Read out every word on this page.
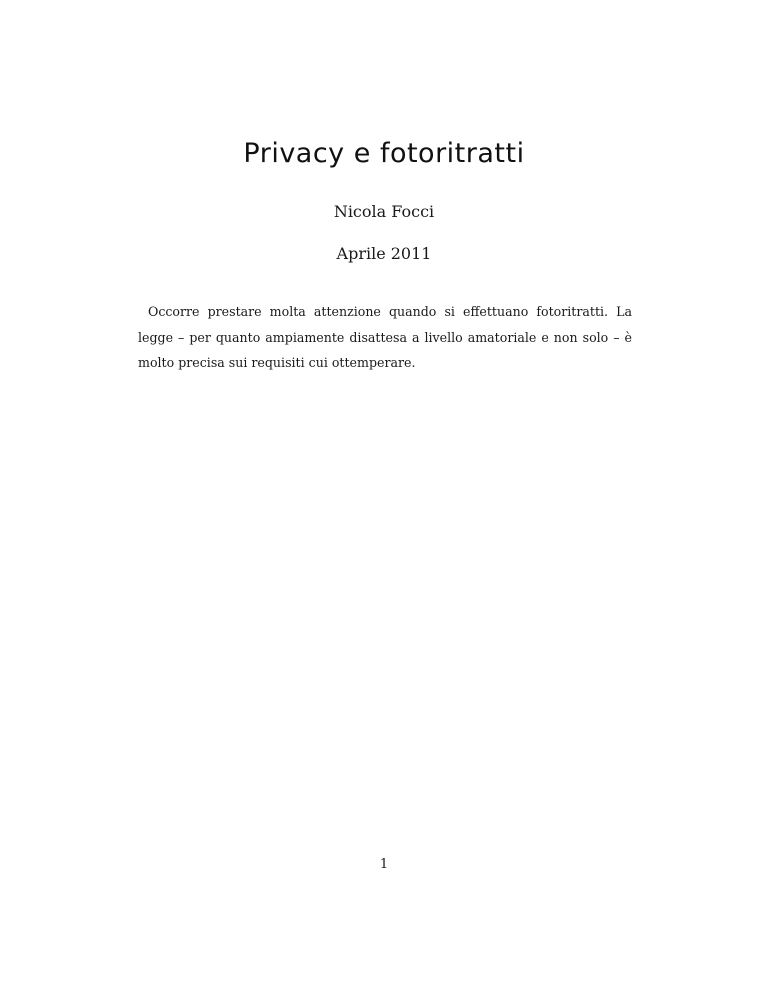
Privacy e fotoritratti
Nicola Focci
Aprile 2011

Occorre prestare molta attenzione quando si effettuano fotoritratti. La legge – per quanto ampiamente disattesa a livello amatoriale e non solo – è molto precisa sui requisiti cui ottemperare.

1
